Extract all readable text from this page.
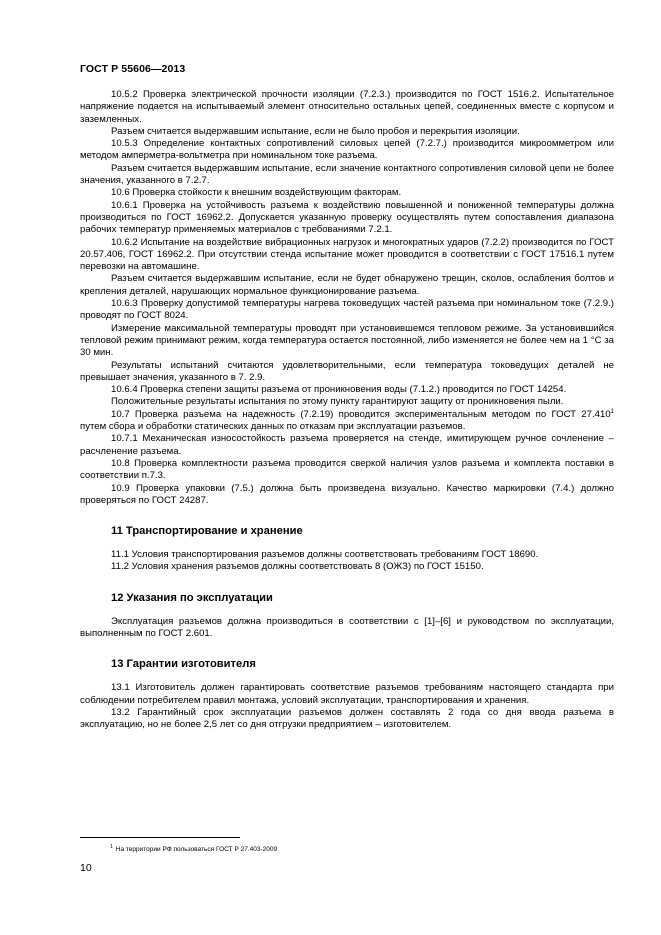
ГОСТ Р 55606—2013

10.5.2 Проверка электрической прочности изоляции (7.2.3.) производится по ГОСТ 1516.2. Испытательное напряжение подается на испытываемый элемент относительно остальных цепей, соединенных вместе с корпусом и заземленных.

Разъем считается выдержавшим испытание, если не было пробоя и перекрытия изоляции.

10.5.3 Определение контактных сопротивлений силовых цепей (7.2.7.) производится микроомметром или методом амперметра-вольтметра при номинальном токе разъема.

Разъем считается выдержавшим испытание, если значение контактного сопротивления силовой цепи не более значения, указанного в 7.2.7.

10.6 Проверка стойкости к внешним воздействующим факторам.

10.6.1 Проверка на устойчивость разъема к воздействию повышенной и пониженной температуры должна производиться по ГОСТ 16962.2. Допускается указанную проверку осуществлять путем сопоставления диапазона рабочих температур применяемых материалов с требованиями 7.2.1.

10.6.2 Испытание на воздействие вибрационных нагрузок и многократных ударов (7.2.2) производится по ГОСТ 20.57.406, ГОСТ 16962.2. При отсутствии стенда испытание может проводится в соответствии с ГОСТ 17516.1 путем перевозки на автомашине.

Разъем считается выдержавшим испытание, если не будет обнаружено трещин, сколов, ослабления болтов и крепления деталей, нарушающих нормальное функционирование разъема.

10.6.3 Проверку допустимой температуры нагрева токоведущих частей разъема при номинальном токе (7.2.9.) проводят по ГОСТ 8024.

Измерение максимальной температуры проводят при установившемся тепловом режиме. За установившийся тепловой режим принимают режим, когда температура остается постоянной, либо изменяется не более чем на 1 °С за 30 мин.

Результаты испытаний считаются удовлетворительными, если температура токоведущих деталей не превышает значения, указанного в 7. 2.9.

10.6.4 Проверка степени защиты разъема от проникновения воды (7.1.2.) проводится по ГОСТ 14254.

Положительные результаты испытания по этому пункту гарантируют защиту от проникновения пыли.

10.7 Проверка разъема на надежность (7.2.19) проводится экспериментальным методом по ГОСТ 27.410$^1$ путем сбора и обработки статических данных по отказам при эксплуатации разъемов.

10.7.1 Механическая износостойкость разъема проверяется на стенде, имитирующем ручное сочленение – расчленение разъема.

10.8 Проверка комплектности разъема проводится сверкой наличия узлов разъема и комплекта поставки в соответствии п.7.3.

10.9 Проверка упаковки (7.5.) должна быть произведена визуально. Качество маркировки (7.4.) должно проверяться по ГОСТ 24287.

11 Транспортирование и хранение

11.1 Условия транспортирования разъемов должны соответствовать требованиям ГОСТ 18690.

11.2 Условия хранения разъемов должны соответствовать 8 (ОЖЗ) по ГОСТ 15150.

12 Указания по эксплуатации

Эксплуатация разъемов должна производиться в соответствии с [1]–[6] и руководством по эксплуатации, выполненным по ГОСТ 2.601.

13 Гарантии изготовителя

13.1 Изготовитель должен гарантировать соответствие разъемов требованиям настоящего стандарта при соблюдении потребителем правил монтажа, условий эксплуатации, транспортирования и хранения.

13.2 Гарантийный срок эксплуатации разъемов должен составлять 2 года со дня ввода разъема в эксплуатацию, но не более 2,5 лет со дня отгрузки предприятием – изготовителем.

$^1$ На территории РФ пользоваться ГОСТ Р 27.403-2009
10
